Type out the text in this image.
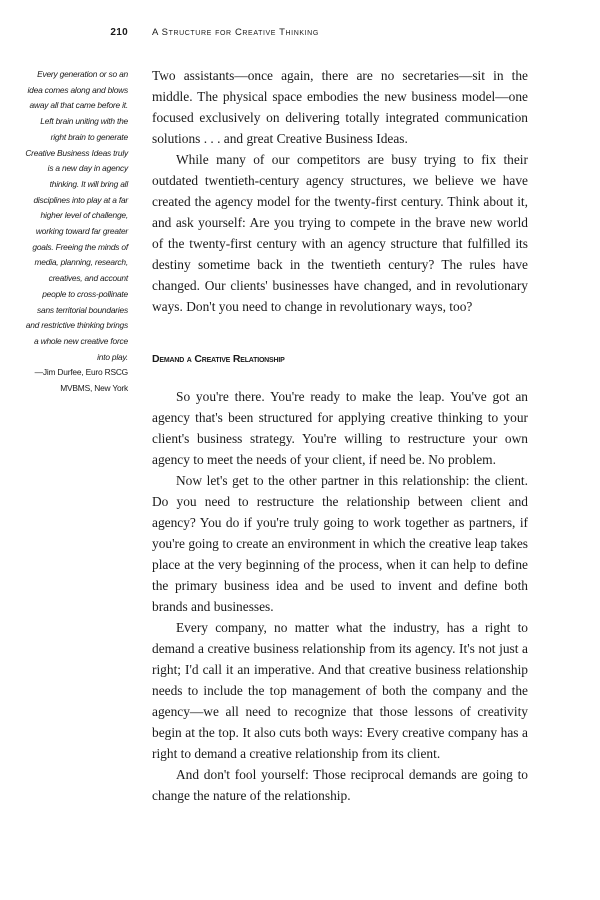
210	A Structure for Creative Thinking

Every generation or so an idea comes along and blows away all that came before it. Left brain uniting with the right brain to generate Creative Business Ideas truly is a new day in agency thinking. It will bring all disciplines into play at a far higher level of challenge, working toward far greater goals. Freeing the minds of media, planning, research, creatives, and account people to cross-pollinate sans territorial boundaries and restrictive thinking brings a whole new creative force into play.

—Jim Durfee, Euro RSCG

MVBMS, New York

Two assistants—once again, there are no secretaries—sit in the middle. The physical space embodies the new business model—one focused exclusively on delivering totally integrated communication solutions . . . and great Creative Business Ideas.

While many of our competitors are busy trying to fix their outdated twentieth-century agency structures, we believe we have created the agency model for the twenty-first century. Think about it, and ask yourself: Are you trying to compete in the brave new world of the twenty-first century with an agency structure that fulfilled its destiny sometime back in the twentieth century? The rules have changed. Our clients' businesses have changed, and in revolutionary ways. Don't you need to change in revolutionary ways, too?

Demand a Creative Relationship

So you're there. You're ready to make the leap. You've got an agency that's been structured for applying creative thinking to your client's business strategy. You're willing to restructure your own agency to meet the needs of your client, if need be. No problem.

Now let's get to the other partner in this relationship: the client. Do you need to restructure the relationship between client and agency? You do if you're truly going to work together as partners, if you're going to create an environment in which the creative leap takes place at the very beginning of the process, when it can help to define the primary business idea and be used to invent and define both brands and businesses.

Every company, no matter what the industry, has a right to demand a creative business relationship from its agency. It's not just a right; I'd call it an imperative. And that creative business relationship needs to include the top management of both the company and the agency—we all need to recognize that those lessons of creativity begin at the top. It also cuts both ways: Every creative company has a right to demand a creative relationship from its client.

And don't fool yourself: Those reciprocal demands are going to change the nature of the relationship.
